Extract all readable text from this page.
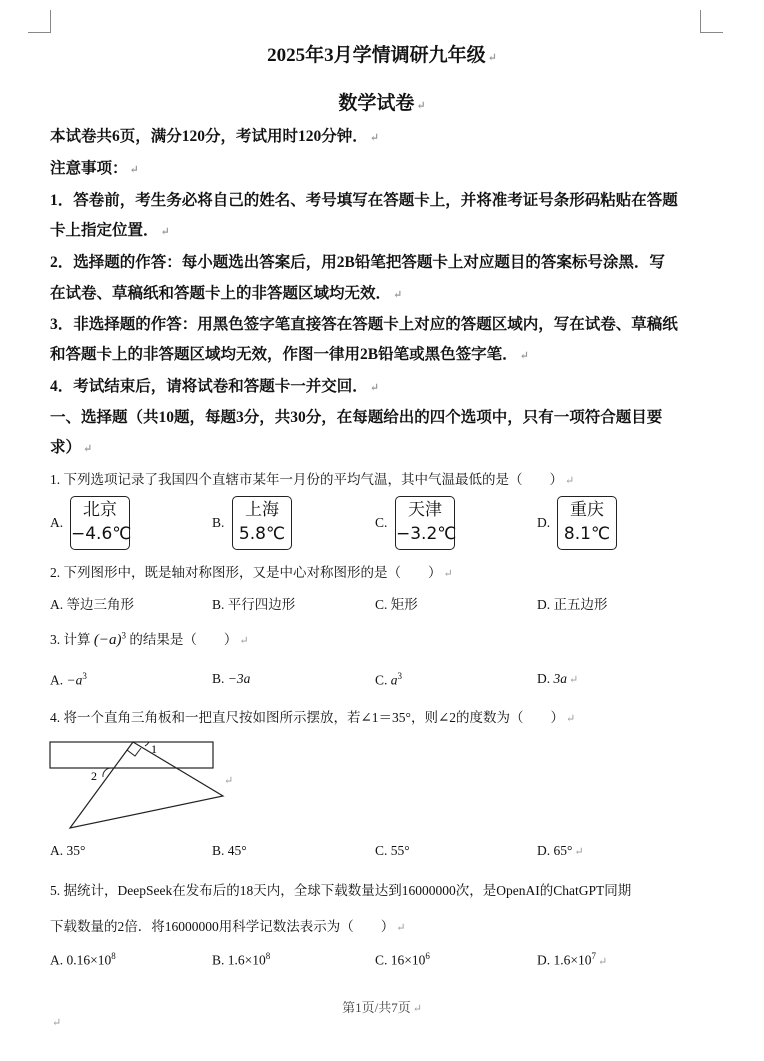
2025年3月学情调研九年级 ↵
数学试卷 ↵
本试卷共6页，满分120分，考试用时120分钟． ↵
注意事项： ↵
1．答卷前，考生务必将自己的姓名、考号填写在答题卡上，并将准考证号条形码粘贴在答题
卡上指定位置． ↵
2．选择题的作答：每小题选出答案后，用2B铅笔把答题卡上对应题目的答案标号涂黑．写
在试卷、草稿纸和答题卡上的非答题区域均无效． ↵
3．非选择题的作答：用黑色签字笔直接答在答题卡上对应的答题区域内，写在试卷、草稿纸
和答题卡上的非答题区域均无效，作图一律用2B铅笔或黑色签字笔． ↵
4．考试结束后，请将试卷和答题卡一并交回． ↵
一、选择题（共10题，每题3分，共30分，在每题给出的四个选项中，只有一项符合题目要
求） ↵
1. 下列选项记录了我国四个直辖市某年一月份的平均气温，其中气温最低的是（　　） ↵
A.
北京
−4.6℃
B.
上海
5.8℃
C.
天津
−3.2℃
D.
重庆
8.1℃
2. 下列图形中，既是轴对称图形，又是中心对称图形的是（　　） ↵
A. 等边三角形	B. 平行四边形	C. 矩形	D. 正五边形
3. 计算 $(-a)^3$ 的结果是（　　） ↵
A. $-a^3$	B. −3a	C. $a^3$	D. 3a ↵
4. 将一个直角三角板和一把直尺按如图所示摆放，若∠1＝35°，则∠2的度数为（　　） ↵
1
2	↵
A. 35°	B. 45°	C. 55°	D. 65° ↵
5. 据统计，DeepSeek在发布后的18天内，全球下载数量达到16000000次，是OpenAI的ChatGPT同期
下载数量的2倍．将16000000用科学记数法表示为（　　） ↵
A. $0.16\times 10^8$	B. $1.6\times 10^8$	C. $16\times 10^6$	D. $1.6\times 10^7$ ↵
第1页/共7页 ↵
↵
